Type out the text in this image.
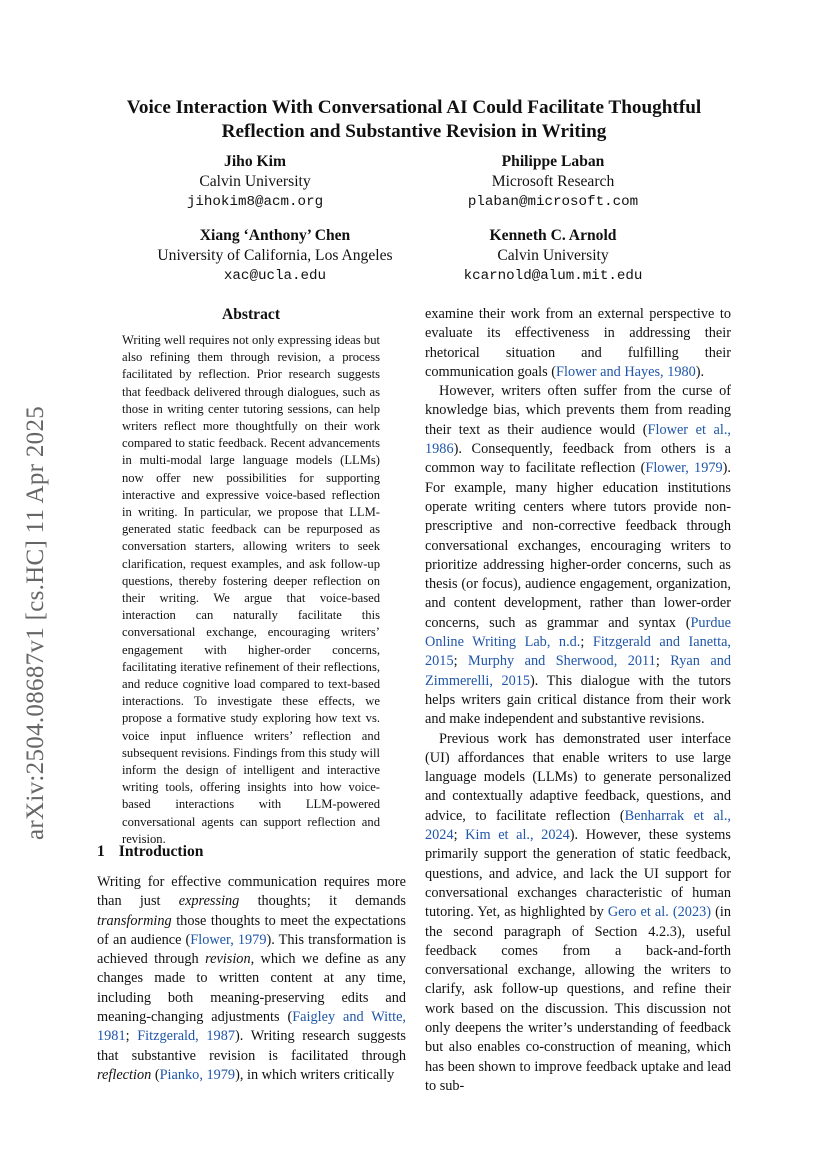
arXiv:2504.08687v1 [cs.HC] 11 Apr 2025
Voice Interaction With Conversational AI Could Facilitate Thoughtful
Reflection and Substantive Revision in Writing
Jiho Kim
Calvin University
jihokim8@acm.org
Philippe Laban
Microsoft Research
plaban@microsoft.com
Xiang ‘Anthony’ Chen
University of California, Los Angeles
xac@ucla.edu
Kenneth C. Arnold
Calvin University
kcarnold@alum.mit.edu
Abstract

Writing well requires not only expressing ideas but also refining them through revision, a process facilitated by reflection. Prior research suggests that feedback delivered through dialogues, such as those in writing center tutoring sessions, can help writers reflect more thoughtfully on their work compared to static feedback. Recent advancements in multi-modal large language models (LLMs) now offer new possibilities for supporting interactive and expressive voice-based reflection in writing. In particular, we propose that LLM-generated static feedback can be repurposed as conversation starters, allowing writers to seek clarification, request examples, and ask follow-up questions, thereby fostering deeper reflection on their writing. We argue that voice-based interaction can naturally facilitate this conversational exchange, encouraging writers’ engagement with higher-order concerns, facilitating iterative refinement of their reflections, and reduce cognitive load compared to text-based interactions. To investigate these effects, we propose a formative study exploring how text vs. voice input influence writers’ reflection and subsequent revisions. Findings from this study will inform the design of intelligent and interactive writing tools, offering insights into how voice-based interactions with LLM-powered conversational agents can support reflection and revision.

1 Introduction

Writing for effective communication requires more than just expressing thoughts; it demands transforming those thoughts to meet the expectations of an audience (Flower, 1979). This transformation is achieved through revision, which we define as any changes made to written content at any time, including both meaning-preserving edits and meaning-changing adjustments (Faigley and Witte, 1981; Fitzgerald, 1987). Writing research suggests that substantive revision is facilitated through reflection (Pianko, 1979), in which writers critically

examine their work from an external perspective to evaluate its effectiveness in addressing their rhetorical situation and fulfilling their communication goals (Flower and Hayes, 1980).

However, writers often suffer from the curse of knowledge bias, which prevents them from reading their text as their audience would (Flower et al., 1986). Consequently, feedback from others is a common way to facilitate reflection (Flower, 1979). For example, many higher education institutions operate writing centers where tutors provide non-prescriptive and non-corrective feedback through conversational exchanges, encouraging writers to prioritize addressing higher-order concerns, such as thesis (or focus), audience engagement, organization, and content development, rather than lower-order concerns, such as grammar and syntax (Purdue Online Writing Lab, n.d.; Fitzgerald and Ianetta, 2015; Murphy and Sherwood, 2011; Ryan and Zimmerelli, 2015). This dialogue with the tutors helps writers gain critical distance from their work and make independent and substantive revisions.

Previous work has demonstrated user interface (UI) affordances that enable writers to use large language models (LLMs) to generate personalized and contextually adaptive feedback, questions, and advice, to facilitate reflection (Benharrak et al., 2024; Kim et al., 2024). However, these systems primarily support the generation of static feedback, questions, and advice, and lack the UI support for conversational exchanges characteristic of human tutoring. Yet, as highlighted by Gero et al. (2023) (in the second paragraph of Section 4.2.3), useful feedback comes from a back-and-forth conversational exchange, allowing the writers to clarify, ask follow-up questions, and refine their work based on the discussion. This discussion not only deepens the writer’s understanding of feedback but also enables co-construction of meaning, which has been shown to improve feedback uptake and lead to sub-
